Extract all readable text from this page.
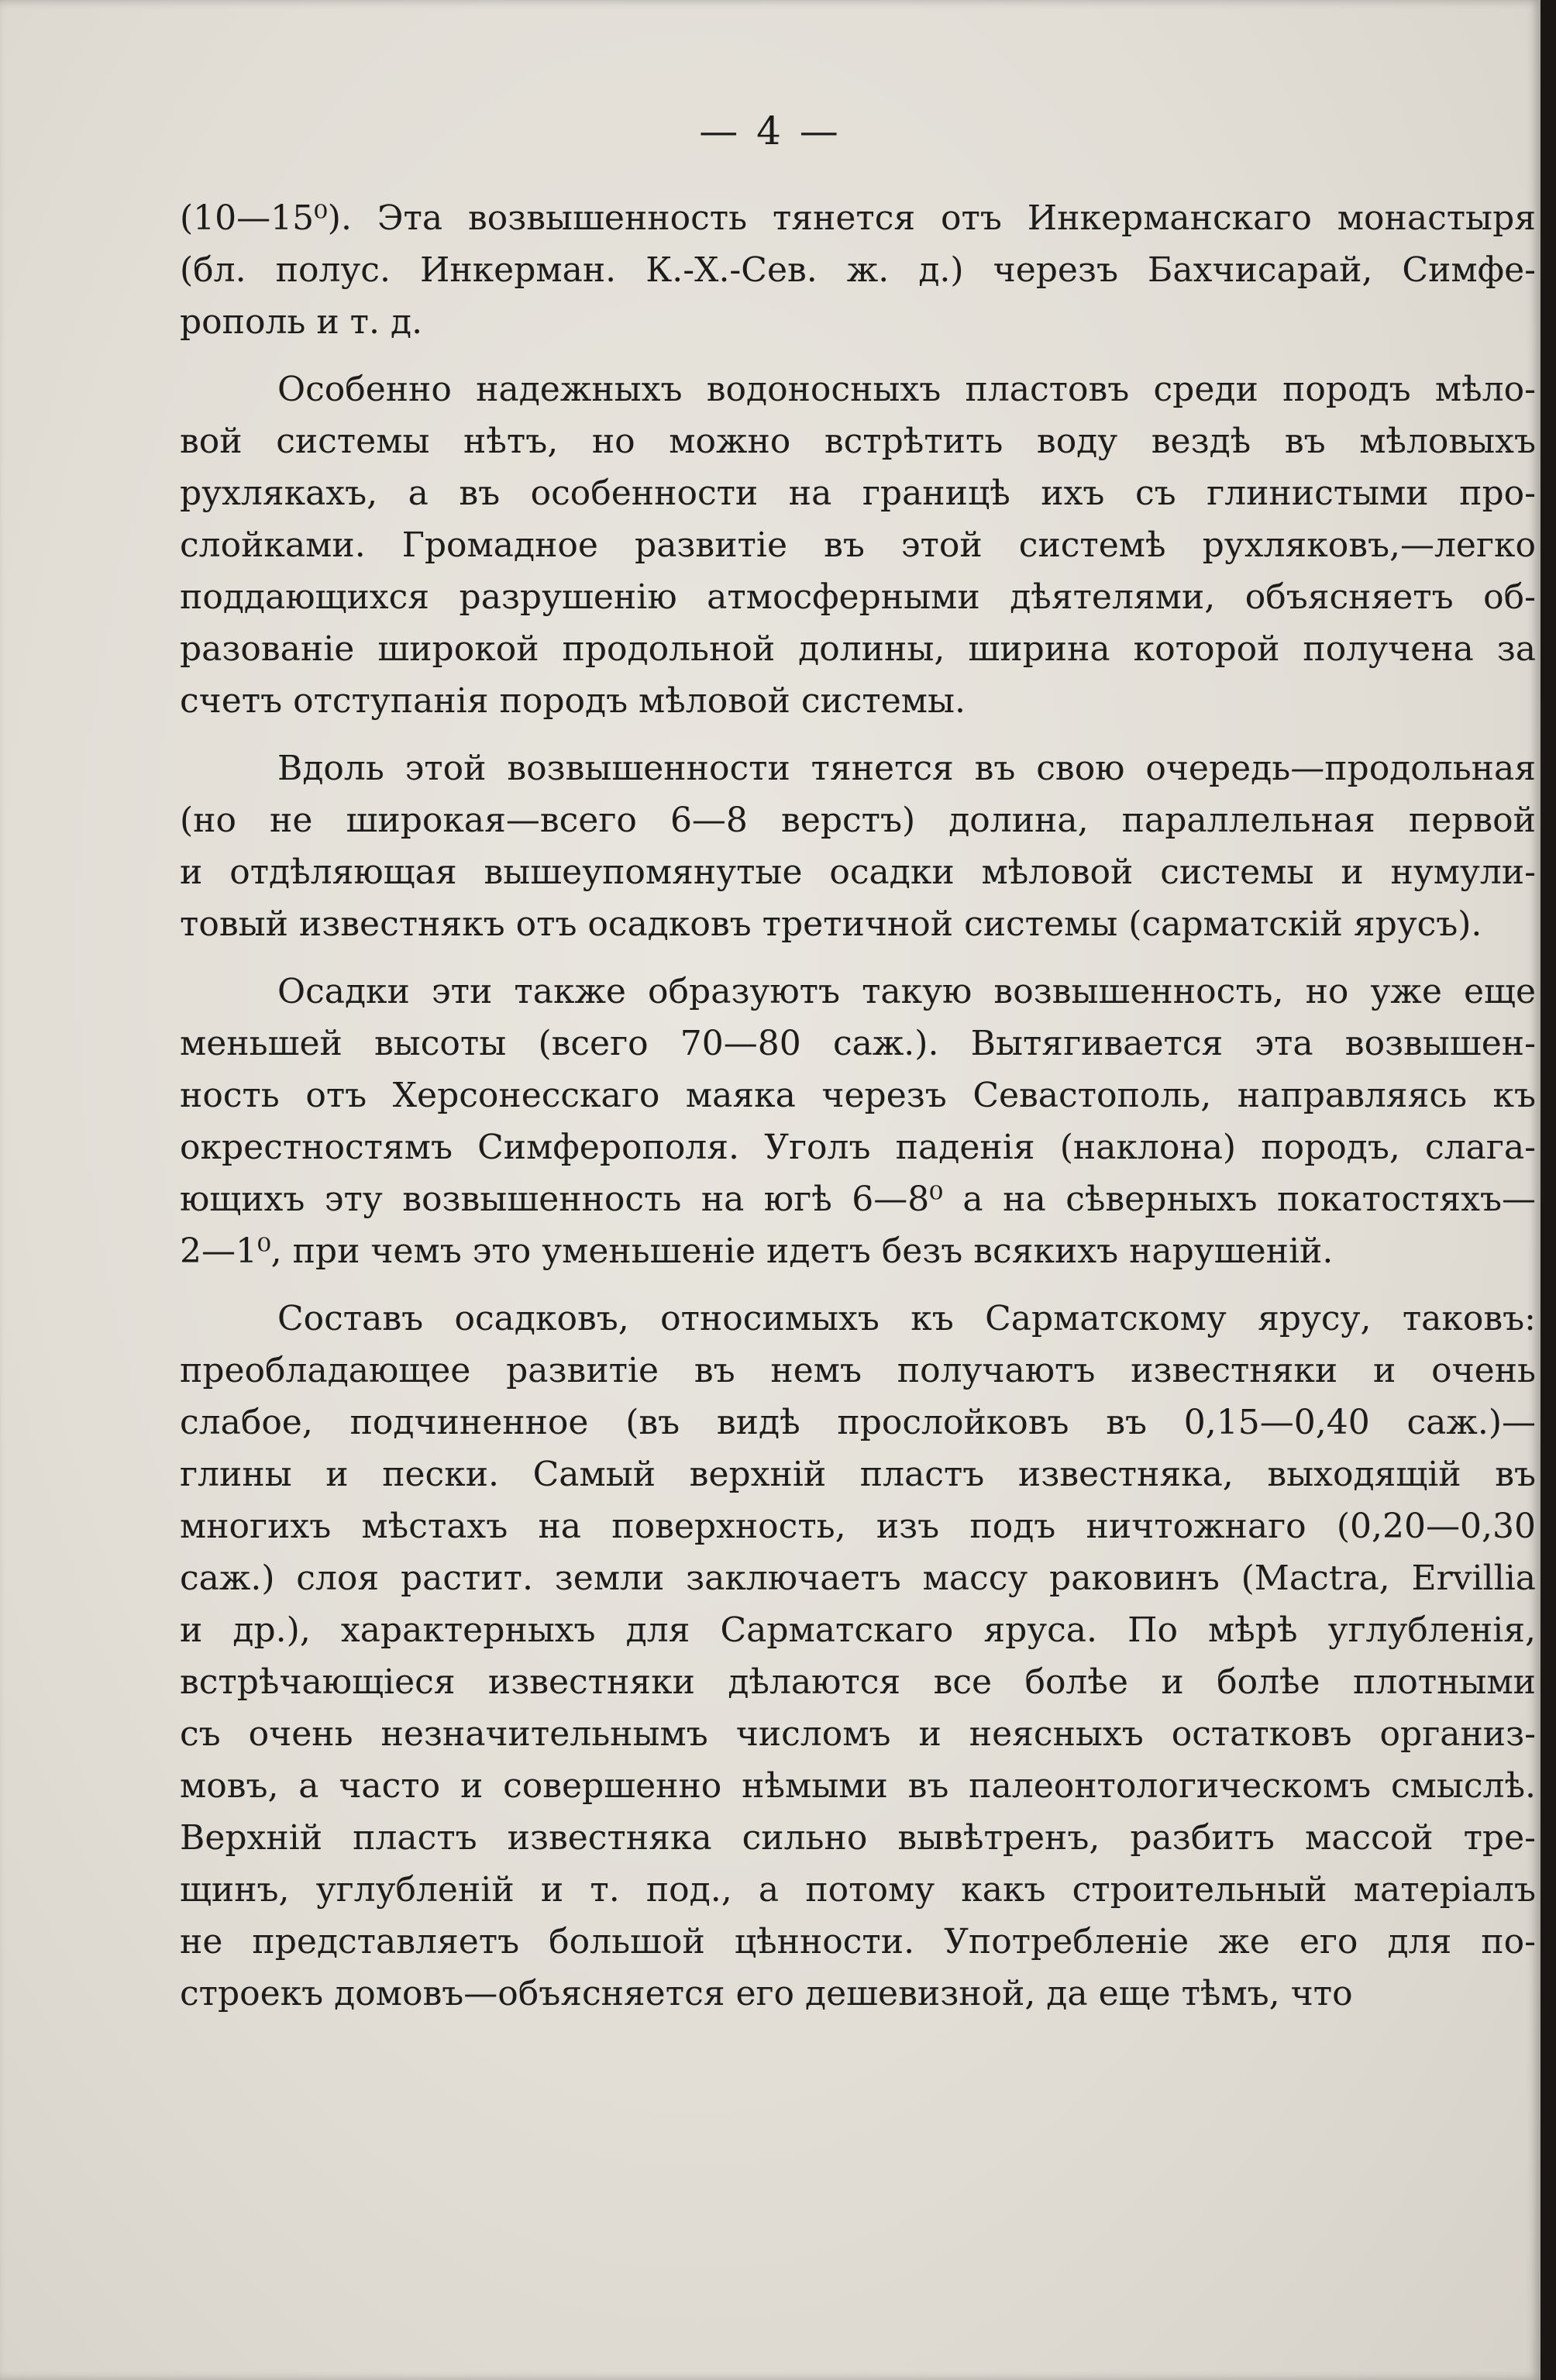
— 4 —
(10—15⁰). Эта возвышенность тянется отъ Инкерманскаго монастыря
(бл. полус. Инкерман. К.-Х.-Сев. ж. д.) черезъ Бахчисарай, Симфе-
рополь и т. д.
Особенно надежныхъ водоносныхъ пластовъ среди породъ мѣло-
вой системы нѣтъ, но можно встрѣтить воду вездѣ въ мѣловыхъ
рухлякахъ, а въ особенности на границѣ ихъ съ глинистыми про-
слойками. Громадное развитіе въ этой системѣ рухляковъ,—легко
поддающихся разрушенію атмосферными дѣятелями, объясняетъ об-
разованіе широкой продольной долины, ширина которой получена за
счетъ отступанія породъ мѣловой системы.
Вдоль этой возвышенности тянется въ свою очередь—продольная
(но не широкая—всего 6—8 верстъ) долина, параллельная первой
и отдѣляющая вышеупомянутые осадки мѣловой системы и нумули-
товый известнякъ отъ осадковъ третичной системы (сарматскій ярусъ).
Осадки эти также образуютъ такую возвышенность, но уже еще
меньшей высоты (всего 70—80 саж.). Вытягивается эта возвышен-
ность отъ Херсонесскаго маяка черезъ Севастополь, направляясь къ
окрестностямъ Симферополя. Уголъ паденія (наклона) породъ, слага-
ющихъ эту возвышенность на югѣ 6—8⁰ а на сѣверныхъ покатостяхъ—
2—1⁰, при чемъ это уменьшеніе идетъ безъ всякихъ нарушеній.
Составъ осадковъ, относимыхъ къ Сарматскому ярусу, таковъ:
преобладающее развитіе въ немъ получаютъ известняки и очень
слабое, подчиненное (въ видѣ прослойковъ въ 0,15—0,40 саж.)—
глины и пески. Самый верхній пластъ известняка, выходящій въ
многихъ мѣстахъ на поверхность, изъ подъ ничтожнаго (0,20—0,30
саж.) слоя растит. земли заключаетъ массу раковинъ (Mactra, Ervillia
и др.), характерныхъ для Сарматскаго яруса. По мѣрѣ углубленія,
встрѣчающіеся известняки дѣлаются все болѣе и болѣе плотными
съ очень незначительнымъ числомъ и неясныхъ остатковъ организ-
мовъ, а часто и совершенно нѣмыми въ палеонтологическомъ смыслѣ.
Верхній пластъ известняка сильно вывѣтренъ, разбитъ массой тре-
щинъ, углубленій и т. под., а потому какъ строительный матеріалъ
не представляетъ большой цѣнности. Употребленіе же его для по-
строекъ домовъ—объясняется его дешевизной, да еще тѣмъ, что
